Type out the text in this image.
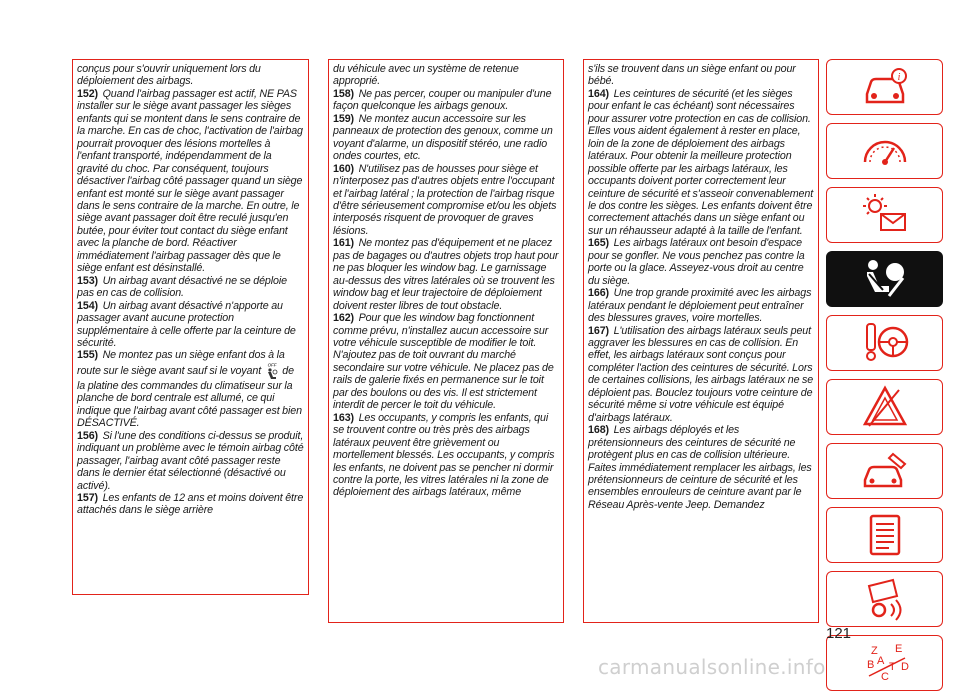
conçus pour s'ouvrir uniquement lors du déploiement des airbags.

152) Quand l'airbag passager est actif, NE PAS installer sur le siège avant passager les sièges enfants qui se montent dans le sens contraire de la marche. En cas de choc, l'activation de l'airbag pourrait provoquer des lésions mortelles à l'enfant transporté, indépendamment de la gravité du choc. Par conséquent, toujours désactiver l'airbag côté passager quand un siège enfant est monté sur le siège avant passager dans le sens contraire de la marche. En outre, le siège avant passager doit être reculé jusqu'en butée, pour éviter tout contact du siège enfant avec la planche de bord. Réactiver immédiatement l'airbag passager dès que le siège enfant est désinstallé.

153) Un airbag avant désactivé ne se déploie pas en cas de collision.

154) Un airbag avant désactivé n'apporte au passager avant aucune protection supplémentaire à celle offerte par la ceinture de sécurité.

155) Ne montez pas un siège enfant dos à la route sur le siège avant sauf si le voyant OFF de la platine des commandes du climatiseur sur la planche de bord centrale est allumé, ce qui indique que l'airbag avant côté passager est bien DÉSACTIVÉ.

156) Si l'une des conditions ci-dessus se produit, indiquant un problème avec le témoin airbag côté passager, l'airbag avant côté passager reste dans le dernier état sélectionné (désactivé ou activé).

157) Les enfants de 12 ans et moins doivent être attachés dans le siège arrière

du véhicule avec un système de retenue approprié.

158) Ne pas percer, couper ou manipuler d'une façon quelconque les airbags genoux.

159) Ne montez aucun accessoire sur les panneaux de protection des genoux, comme un voyant d'alarme, un dispositif stéréo, une radio ondes courtes, etc.

160) N'utilisez pas de housses pour siège et n'interposez pas d'autres objets entre l'occupant et l'airbag latéral ; la protection de l'airbag risque d'être sérieusement compromise et/ou les objets interposés risquent de provoquer de graves lésions.

161) Ne montez pas d'équipement et ne placez pas de bagages ou d'autres objets trop haut pour ne pas bloquer les window bag. Le garnissage au-dessus des vitres latérales où se trouvent les window bag et leur trajectoire de déploiement doivent rester libres de tout obstacle.

162) Pour que les window bag fonctionnent comme prévu, n'installez aucun accessoire sur votre véhicule susceptible de modifier le toit. N'ajoutez pas de toit ouvrant du marché secondaire sur votre véhicule. Ne placez pas de rails de galerie fixés en permanence sur le toit par des boulons ou des vis. Il est strictement interdit de percer le toit du véhicule.

163) Les occupants, y compris les enfants, qui se trouvent contre ou très près des airbags latéraux peuvent être grièvement ou mortellement blessés. Les occupants, y compris les enfants, ne doivent pas se pencher ni dormir contre la porte, les vitres latérales ni la zone de déploiement des airbags latéraux, même

s'ils se trouvent dans un siège enfant ou pour bébé.

164) Les ceintures de sécurité (et les sièges pour enfant le cas échéant) sont nécessaires pour assurer votre protection en cas de collision. Elles vous aident également à rester en place, loin de la zone de déploiement des airbags latéraux. Pour obtenir la meilleure protection possible offerte par les airbags latéraux, les occupants doivent porter correctement leur ceinture de sécurité et s'asseoir convenablement le dos contre les sièges. Les enfants doivent être correctement attachés dans un siège enfant ou sur un réhausseur adapté à la taille de l'enfant.

165) Les airbags latéraux ont besoin d'espace pour se gonfler. Ne vous penchez pas contre la porte ou la glace. Asseyez-vous droit au centre du siège.

166) Une trop grande proximité avec les airbags latéraux pendant le déploiement peut entraîner des blessures graves, voire mortelles.

167) L'utilisation des airbags latéraux seuls peut aggraver les blessures en cas de collision. En effet, les airbags latéraux sont conçus pour compléter l'action des ceintures de sécurité. Lors de certaines collisions, les airbags latéraux ne se déploient pas. Bouclez toujours votre ceinture de sécurité même si votre véhicule est équipé d'airbags latéraux.

168) Les airbags déployés et les prétensionneurs des ceintures de sécurité ne protègent plus en cas de collision ultérieure. Faites immédiatement remplacer les airbags, les prétensionneurs de ceinture de sécurité et les ensembles enrouleurs de ceinture avant par le Réseau Après-vente Jeep. Demandez

i
Z E
B
C
T D
A
121
carmanualsonline.info
